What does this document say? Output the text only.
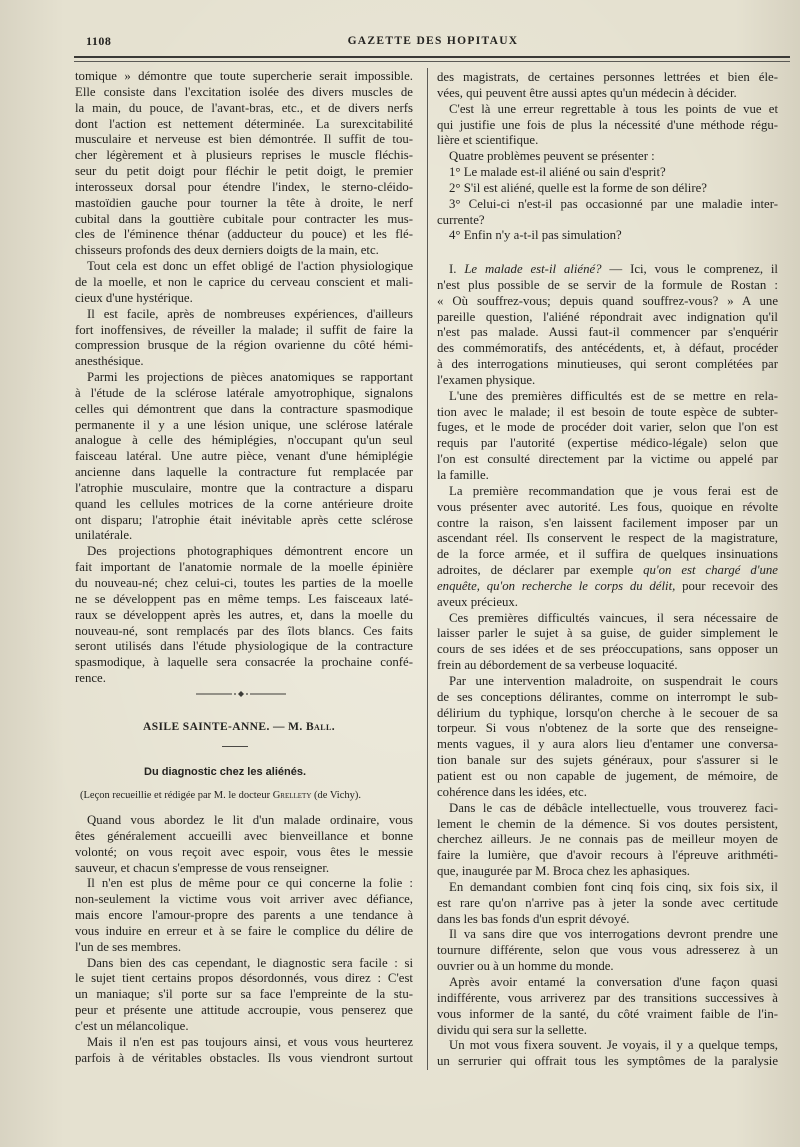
1108	GAZETTE DES HOPITAUX
tomique » démontre que toute supercherie serait impossible.
Elle consiste dans l'excitation isolée des divers muscles de
la main, du pouce, de l'avant-bras, etc., et de divers nerfs
dont l'action est nettement déterminée. La surexcitabilité
musculaire et nerveuse est bien démontrée. Il suffit de tou-
cher légèrement et à plusieurs reprises le muscle fléchis-
seur du petit doigt pour fléchir le petit doigt, le premier
interosseux dorsal pour étendre l'index, le sterno-cléido-
mastoïdien gauche pour tourner la tête à droite, le nerf
cubital dans la gouttière cubitale pour contracter les mus-
cles de l'éminence thénar (adducteur du pouce) et les flé-
chisseurs profonds des deux derniers doigts de la main, etc.
Tout cela est donc un effet obligé de l'action physiologique
de la moelle, et non le caprice du cerveau conscient et mali-
cieux d'une hystérique.
Il est facile, après de nombreuses expériences, d'ailleurs
fort inoffensives, de réveiller la malade; il suffit de faire la
compression brusque de la région ovarienne du côté hémi-
anesthésique.
Parmi les projections de pièces anatomiques se rapportant
à l'étude de la sclérose latérale amyotrophique, signalons
celles qui démontrent que dans la contracture spasmodique
permanente il y a une lésion unique, une sclérose latérale
analogue à celle des hémiplégies, n'occupant qu'un seul
faisceau latéral. Une autre pièce, venant d'une hémiplégie
ancienne dans laquelle la contracture fut remplacée par
l'atrophie musculaire, montre que la contracture a disparu
quand les cellules motrices de la corne antérieure droite
ont disparu; l'atrophie était inévitable après cette sclérose
unilatérale.
Des projections photographiques démontrent encore un
fait important de l'anatomie normale de la moelle épinière
du nouveau-né; chez celui-ci, toutes les parties de la moelle
ne se développent pas en même temps. Les faisceaux laté-
raux se développent après les autres, et, dans la moelle du
nouveau-né, sont remplacés par des îlots blancs. Ces faits
seront utilisés dans l'étude physiologique de la contracture
spasmodique, à laquelle sera consacrée la prochaine confé-
rence.
ASILE SAINTE-ANNE. — M. Ball.
Du diagnostic chez les aliénés.
(Leçon recueillie et rédigée par M. le docteur Grellety (de Vichy).
Quand vous abordez le lit d'un malade ordinaire, vous
êtes généralement accueilli avec bienveillance et bonne
volonté; on vous reçoit avec espoir, vous êtes le messie
sauveur, et chacun s'empresse de vous renseigner.
Il n'en est plus de même pour ce qui concerne la folie :
non-seulement la victime vous voit arriver avec défiance,
mais encore l'amour-propre des parents a une tendance à
vous induire en erreur et à se faire le complice du délire de
l'un de ses membres.
Dans bien des cas cependant, le diagnostic sera facile : si
le sujet tient certains propos désordonnés, vous direz : C'est
un maniaque; s'il porte sur sa face l'empreinte de la stu-
peur et présente une attitude accroupie, vous penserez que
c'est un mélancolique.
Mais il n'en est pas toujours ainsi, et vous vous heurterez
parfois à de véritables obstacles. Ils vous viendront surtout
des magistrats, de certaines personnes lettrées et bien éle-
vées, qui peuvent être aussi aptes qu'un médecin à décider.
C'est là une erreur regrettable à tous les points de vue et
qui justifie une fois de plus la nécessité d'une méthode régu-
lière et scientifique.
Quatre problèmes peuvent se présenter :
1° Le malade est-il aliéné ou sain d'esprit?
2° S'il est aliéné, quelle est la forme de son délire?
3° Celui-ci n'est-il pas occasionné par une maladie inter-
currente?
4° Enfin n'y a-t-il pas simulation?
I. Le malade est-il aliéné? — Ici, vous le comprenez, il
n'est plus possible de se servir de la formule de Rostan :
« Où souffrez-vous; depuis quand souffrez-vous? » A une
pareille question, l'aliéné répondrait avec indignation qu'il
n'est pas malade. Aussi faut-il commencer par s'enquérir
des commémoratifs, des antécédents, et, à défaut, procéder
à des interrogations minutieuses, qui seront complétées par
l'examen physique.
L'une des premières difficultés est de se mettre en rela-
tion avec le malade; il est besoin de toute espèce de subter-
fuges, et le mode de procéder doit varier, selon que l'on est
requis par l'autorité (expertise médico-légale) selon que
l'on est consulté directement par la victime ou appelé par
la famille.
La première recommandation que je vous ferai est de
vous présenter avec autorité. Les fous, quoique en révolte
contre la raison, s'en laissent facilement imposer par un
ascendant réel. Ils conservent le respect de la magistrature,
de la force armée, et il suffira de quelques insinuations
adroites, de déclarer par exemple qu'on est chargé d'une
enquête, qu'on recherche le corps du délit, pour recevoir des
aveux précieux.
Ces premières difficultés vaincues, il sera nécessaire de
laisser parler le sujet à sa guise, de guider simplement le
cours de ses idées et de ses préoccupations, sans opposer un
frein au débordement de sa verbeuse loquacité.
Par une intervention maladroite, on suspendrait le cours
de ses conceptions délirantes, comme on interrompt le sub-
délirium du typhique, lorsqu'on cherche à le secouer de sa
torpeur. Si vous n'obtenez de la sorte que des renseigne-
ments vagues, il y aura alors lieu d'entamer une conversa-
tion banale sur des sujets généraux, pour s'assurer si le
patient est ou non capable de jugement, de mémoire, de
cohérence dans les idées, etc.
Dans le cas de débâcle intellectuelle, vous trouverez faci-
lement le chemin de la démence. Si vos doutes persistent,
cherchez ailleurs. Je ne connais pas de meilleur moyen de
faire la lumière, que d'avoir recours à l'épreuve arithméti-
que, inaugurée par M. Broca chez les aphasiques.
En demandant combien font cinq fois cinq, six fois six, il
est rare qu'on n'arrive pas à jeter la sonde avec certitude
dans les bas fonds d'un esprit dévoyé.
Il va sans dire que vos interrogations devront prendre une
tournure différente, selon que vous vous adresserez à un
ouvrier ou à un homme du monde.
Après avoir entamé la conversation d'une façon quasi
indifférente, vous arriverez par des transitions successives à
vous informer de la santé, du côté vraiment faible de l'in-
dividu qui sera sur la sellette.
Un mot vous fixera souvent. Je voyais, il y a quelque temps,
un serrurier qui offrait tous les symptômes de la paralysie
